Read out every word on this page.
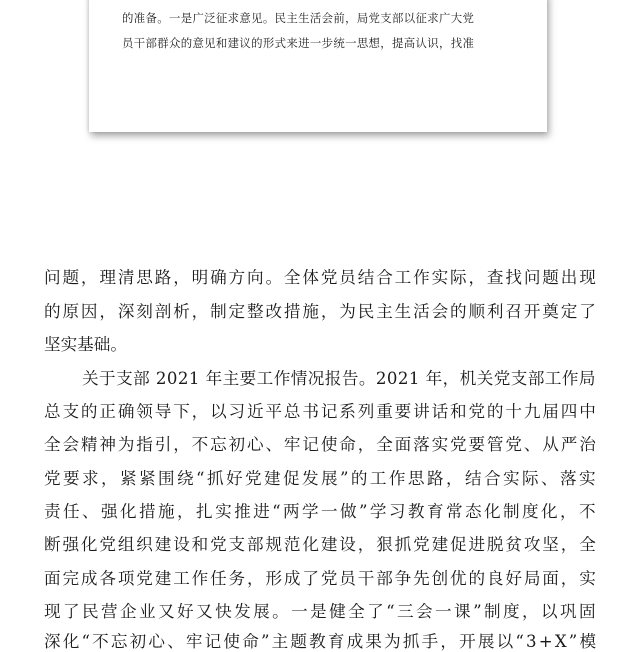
的准备。一是广泛征求意见。民主生活会前，局党支部以征求广大党

员干部群众的意见和建议的形式来进一步统一思想，提高认识，找准

问题，理清思路，明确方向。全体党员结合工作实际，查找问题出现

的原因，深刻剖析，制定整改措施，为民主生活会的顺利召开奠定了

坚实基础。

关于支部 2021 年主要工作情况报告。2021 年，机关党支部工作局

总支的正确领导下，以习近平总书记系列重要讲话和党的十九届四中

全会精神为指引，不忘初心、牢记使命，全面落实党要管党、从严治

党要求，紧紧围绕“抓好党建促发展”的工作思路，结合实际、落实

责任、强化措施，扎实推进“两学一做”学习教育常态化制度化，不

断强化党组织建设和党支部规范化建设，狠抓党建促进脱贫攻坚，全

面完成各项党建工作任务，形成了党员干部争先创优的良好局面，实

现了民营企业又好又快发展。一是健全了“三会一课”制度，以巩固

深化“不忘初心、牢记使命”主题教育成果为抓手，开展以“3+X”模
